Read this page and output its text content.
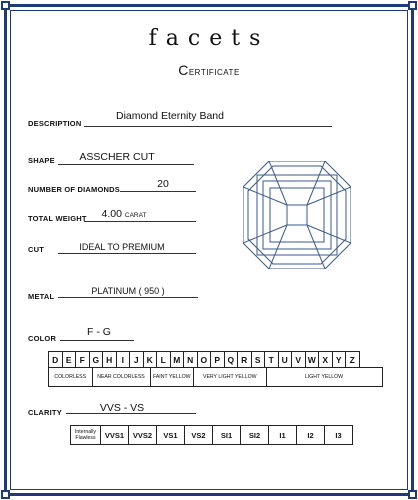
facets
Certificate
DESCRIPTION
Diamond Eternity Band
SHAPE	ASSCHER CUT
NUMBER OF DIAMONDS	20
TOTAL WEIGHT	4.00 CARAT
CUT	IDEAL TO PREMIUM
METAL
PLATINUM ( 950 )
COLOR
F - G
D	E	F	G	H	I	J	K	L	M	N	O	P	Q	R	S	T	U	V	W	X	Y	Z
COLORLESS	NEAR COLORLESS	FAINT YELLOW	VERY LIGHT YELLOW	LIGHT YELLOW
CLARITY	VVS - VS
Internally Flawless	VVS1	VVS2	VS1	VS2	SI1	SI2	I1	I2	I3
